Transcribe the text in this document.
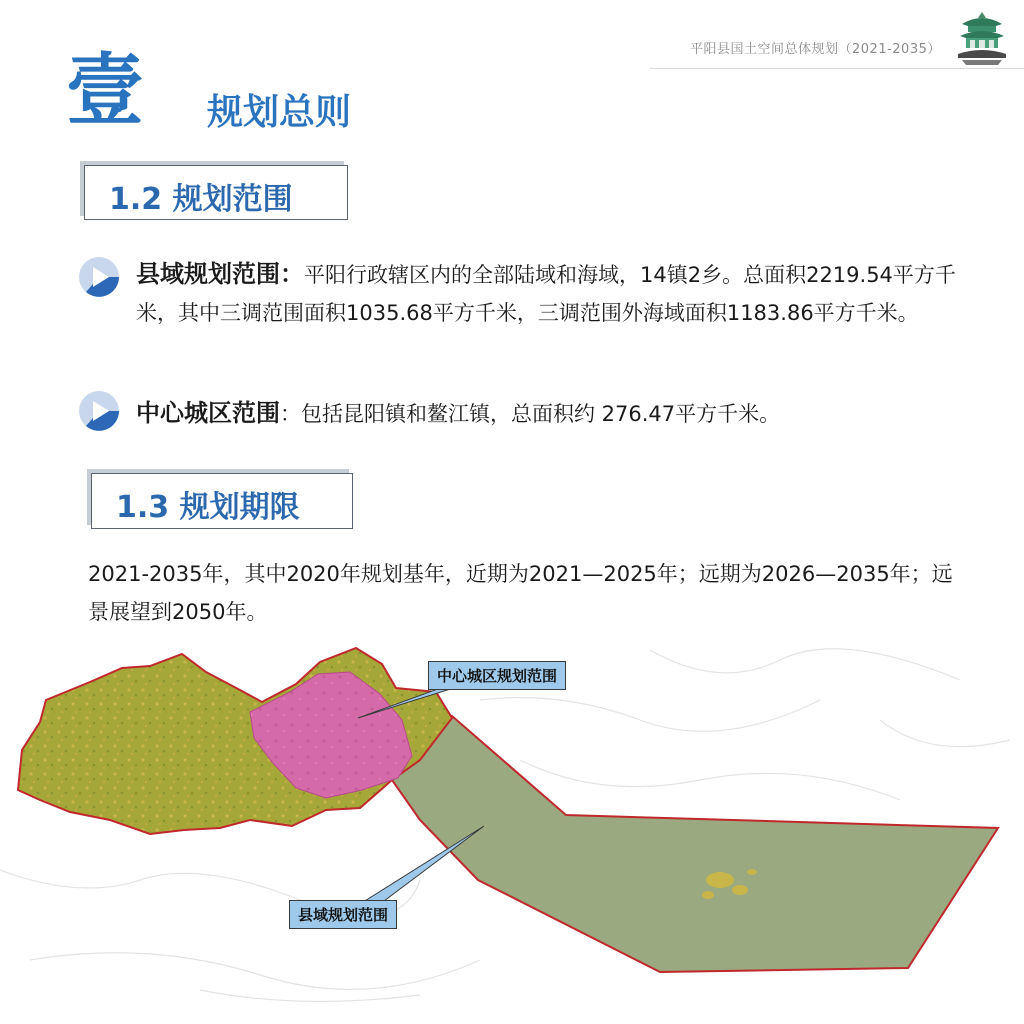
平阳县国土空间总体规划（2021-2035）
壹 规划总则
1.2 规划范围
县域规划范围：平阳行政辖区内的全部陆域和海域，14镇2乡。总面积2219.54平方千米，其中三调范围面积1035.68平方千米，三调范围外海域面积1183.86平方千米。
中心城区范围：包括昆阳镇和鳌江镇，总面积约 276.47平方千米。
1.3 规划期限
2021-2035年，其中2020年规划基年，近期为2021—2025年；远期为2026—2035年；远景展望到2050年。
中心城区规划范围
县域规划范围
